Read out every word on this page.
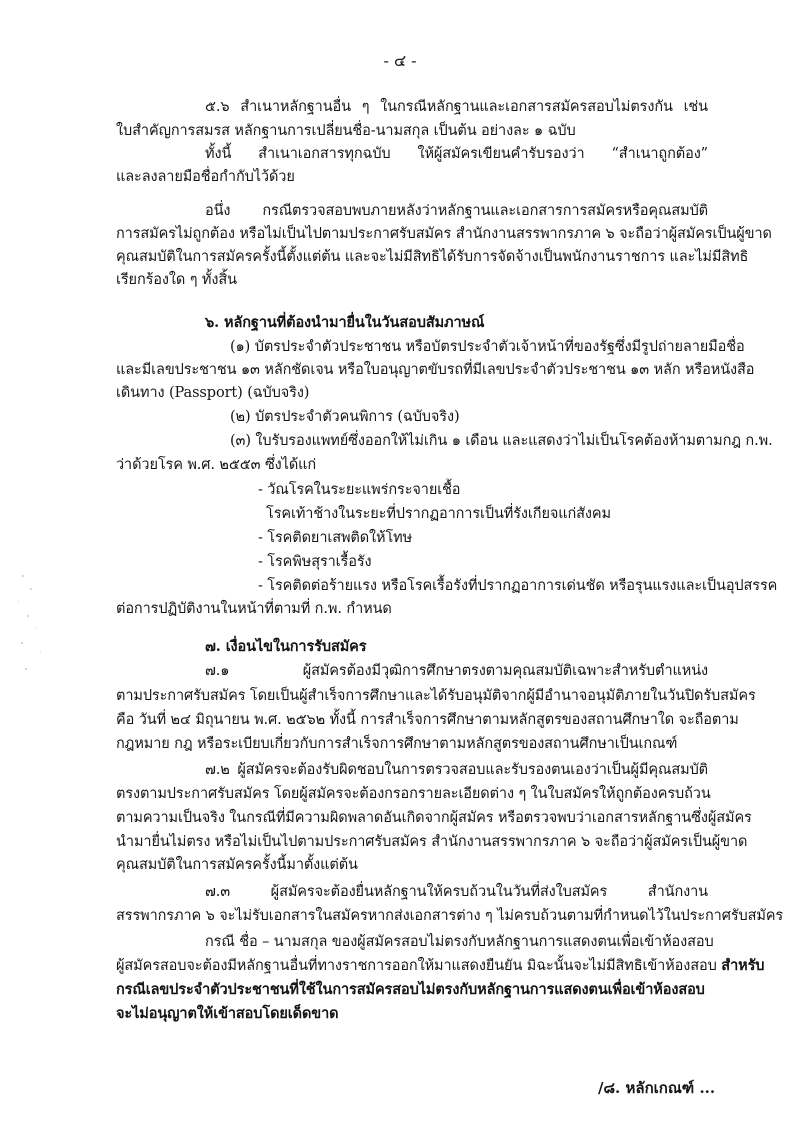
- ๔ -
๕.๖ สำเนาหลักฐานอื่น ๆ ในกรณีหลักฐานและเอกสารสมัครสอบไม่ตรงกัน เช่น
ใบสำคัญการสมรส หลักฐานการเปลี่ยนชื่อ-นามสกุล เป็นต้น อย่างละ ๑ ฉบับ
ทั้งนี้ สำเนาเอกสารทุกฉบับ ให้ผู้สมัครเขียนคำรับรองว่า “สำเนาถูกต้อง”
และลงลายมือชื่อกำกับไว้ด้วย
อนึ่ง กรณีตรวจสอบพบภายหลังว่าหลักฐานและเอกสารการสมัครหรือคุณสมบัติ
การสมัครไม่ถูกต้อง หรือไม่เป็นไปตามประกาศรับสมัคร สำนักงานสรรพากรภาค ๖ จะถือว่าผู้สมัครเป็นผู้ขาด
คุณสมบัติในการสมัครครั้งนี้ตั้งแต่ต้น และจะไม่มีสิทธิได้รับการจัดจ้างเป็นพนักงานราชการ และไม่มีสิทธิ
เรียกร้องใด ๆ ทั้งสิ้น
๖. หลักฐานที่ต้องนำมายื่นในวันสอบสัมภาษณ์
(๑) บัตรประจำตัวประชาชน หรือบัตรประจำตัวเจ้าหน้าที่ของรัฐซึ่งมีรูปถ่ายลายมือชื่อ
และมีเลขประชาชน ๑๓ หลักชัดเจน หรือใบอนุญาตขับรถที่มีเลขประจำตัวประชาชน ๑๓ หลัก หรือหนังสือ
เดินทาง (Passport) (ฉบับจริง)
(๒) บัตรประจำตัวคนพิการ (ฉบับจริง)
(๓) ใบรับรองแพทย์ซึ่งออกให้ไม่เกิน ๑ เดือน และแสดงว่าไม่เป็นโรคต้องห้ามตามกฎ ก.พ.
ว่าด้วยโรค พ.ศ. ๒๕๕๓ ซึ่งได้แก่
- วัณโรคในระยะแพร่กระจายเชื้อ
โรคเท้าช้างในระยะที่ปรากฏอาการเป็นที่รังเกียจแก่สังคม
- โรคติดยาเสพติดให้โทษ
- โรคพิษสุราเรื้อรัง
- โรคติดต่อร้ายแรง หรือโรคเรื้อรังที่ปรากฏอาการเด่นชัด หรือรุนแรงและเป็นอุปสรรค
ต่อการปฏิบัติงานในหน้าที่ตามที่ ก.พ. กำหนด
๗. เงื่อนไขในการรับสมัคร
๗.๑ ผู้สมัครต้องมีวุฒิการศึกษาตรงตามคุณสมบัติเฉพาะสำหรับตำแหน่ง
ตามประกาศรับสมัคร โดยเป็นผู้สำเร็จการศึกษาและได้รับอนุมัติจากผู้มีอำนาจอนุมัติภายในวันปิดรับสมัคร
คือ วันที่ ๒๔ มิถุนายน พ.ศ. ๒๕๖๒ ทั้งนี้ การสำเร็จการศึกษาตามหลักสูตรของสถานศึกษาใด จะถือตาม
กฎหมาย กฎ หรือระเบียบเกี่ยวกับการสำเร็จการศึกษาตามหลักสูตรของสถานศึกษาเป็นเกณฑ์
๗.๒ ผู้สมัครจะต้องรับผิดชอบในการตรวจสอบและรับรองตนเองว่าเป็นผู้มีคุณสมบัติ
ตรงตามประกาศรับสมัคร โดยผู้สมัครจะต้องกรอกรายละเอียดต่าง ๆ ในใบสมัครให้ถูกต้องครบถ้วน
ตามความเป็นจริง ในกรณีที่มีความผิดพลาดอันเกิดจากผู้สมัคร หรือตรวจพบว่าเอกสารหลักฐานซึ่งผู้สมัคร
นำมายื่นไม่ตรง หรือไม่เป็นไปตามประกาศรับสมัคร สำนักงานสรรพากรภาค ๖ จะถือว่าผู้สมัครเป็นผู้ขาด
คุณสมบัติในการสมัครครั้งนี้มาตั้งแต่ต้น
๗.๓ ผู้สมัครจะต้องยื่นหลักฐานให้ครบถ้วนในวันที่ส่งใบสมัคร สำนักงาน
สรรพากรภาค ๖ จะไม่รับเอกสารในสมัครหากส่งเอกสารต่าง ๆ ไม่ครบถ้วนตามที่กำหนดไว้ในประกาศรับสมัคร
กรณี ชื่อ – นามสกุล ของผู้สมัครสอบไม่ตรงกับหลักฐานการแสดงตนเพื่อเข้าห้องสอบ
ผู้สมัครสอบจะต้องมีหลักฐานอื่นที่ทางราชการออกให้มาแสดงยืนยัน มิฉะนั้นจะไม่มีสิทธิเข้าห้องสอบ สำหรับ
กรณีเลขประจำตัวประชาชนที่ใช้ในการสมัครสอบไม่ตรงกับหลักฐานการแสดงตนเพื่อเข้าห้องสอบ
จะไม่อนุญาตให้เข้าสอบโดยเด็ดขาด
/๘. หลักเกณฑ์ ...
